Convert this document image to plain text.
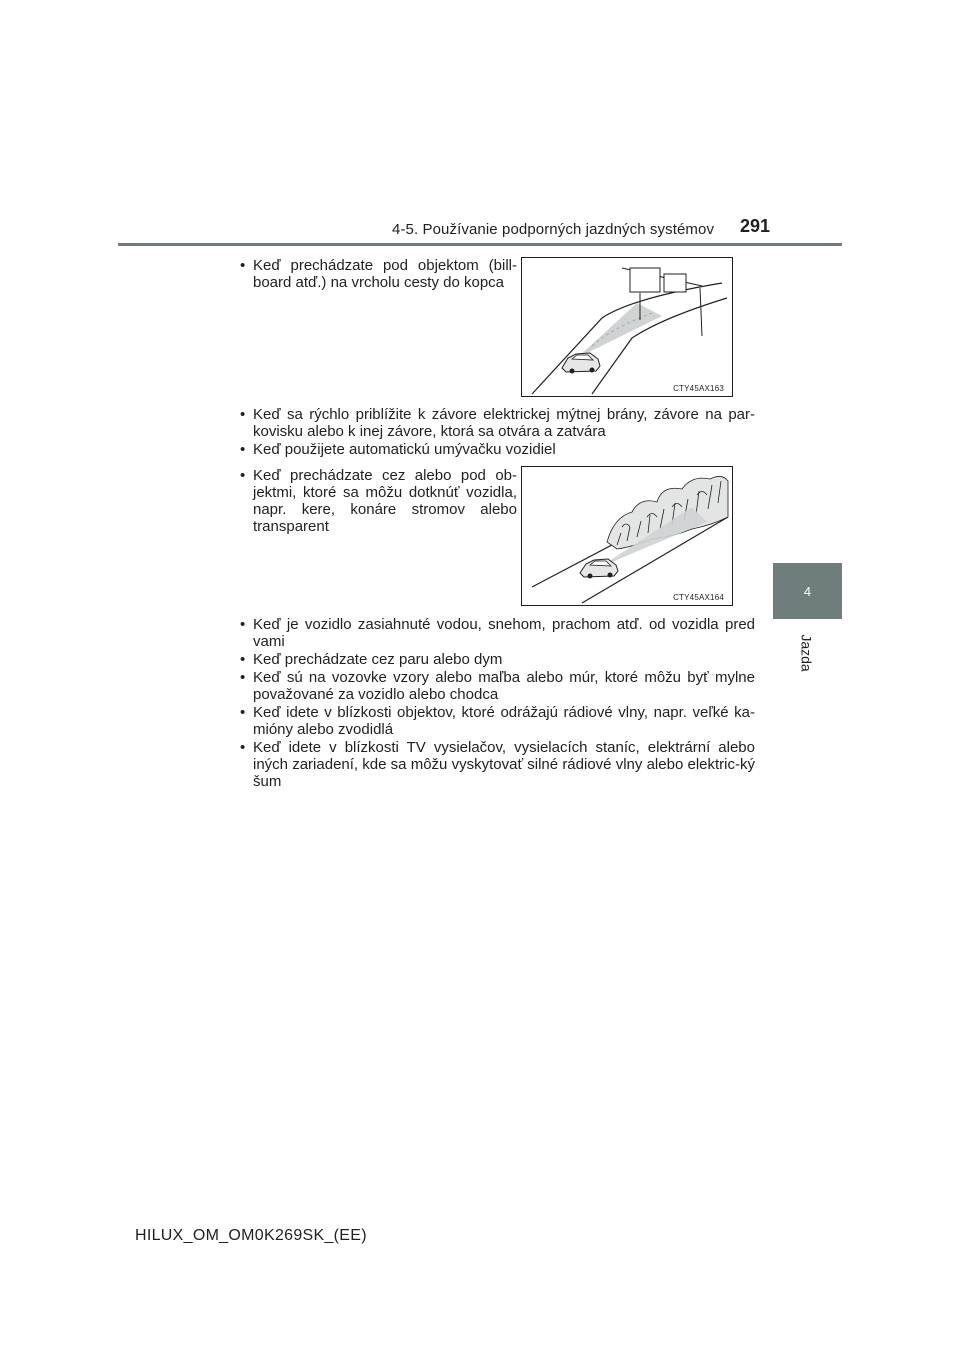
4-5. Používanie podporných jazdných systémov	291
4
Jazda
• Keď prechádzate pod objektom (bill-board atď.) na vrcholu cesty do kopca
CTY45AX163
• Keď sa rýchlo priblížite k závore elektrickej mýtnej brány, závore na par-kovisku alebo k inej závore, ktorá sa otvára a zatvára
• Keď použijete automatickú umývačku vozidiel
• Keď prechádzate cez alebo pod ob-jektmi, ktoré sa môžu dotknúť vozidla, napr. kere, konáre stromov alebo transparent
CTY45AX164
• Keď je vozidlo zasiahnuté vodou, snehom, prachom atď. od vozidla pred vami
• Keď prechádzate cez paru alebo dym
• Keď sú na vozovke vzory alebo maľba alebo múr, ktoré môžu byť mylne považované za vozidlo alebo chodca
• Keď idete v blízkosti objektov, ktoré odrážajú rádiové vlny, napr. veľké ka-mióny alebo zvodidlá
• Keď idete v blízkosti TV vysielačov, vysielacích staníc, elektrární alebo iných zariadení, kde sa môžu vyskytovať silné rádiové vlny alebo elektric-ký šum
HILUX_OM_OM0K269SK_(EE)
